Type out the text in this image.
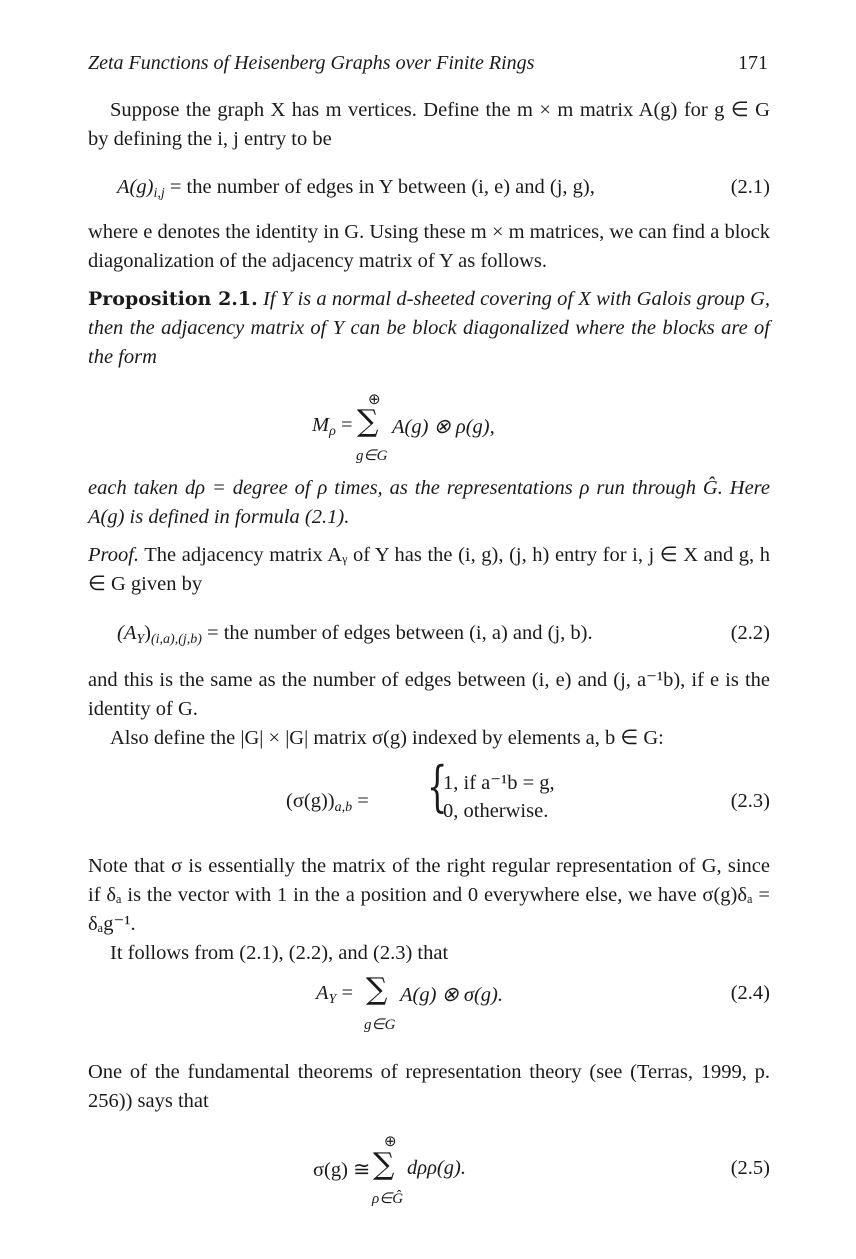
Zeta Functions of Heisenberg Graphs over Finite Rings	171
Suppose the graph X has m vertices. Define the m × m matrix A(g) for g ∈ G by defining the i, j entry to be
$A(g)_{i,j}$ = the number of edges in Y between (i, e) and (j, g),	(2.1)
where e denotes the identity in G. Using these m × m matrices, we can find a block diagonalization of the adjacency matrix of Y as follows.
Proposition 2.1. If Y is a normal d-sheeted covering of X with Galois group G, then the adjacency matrix of Y can be block diagonalized where the blocks are of the form
⊕
$M_\rho$ = ∑ A(g) ⊗ ρ(g),
g∈G
each taken dρ = degree of ρ times, as the representations ρ run through Ĝ. Here A(g) is defined in formula (2.1).
Proof. The adjacency matrix Aᵧ of Y has the (i, g), (j, h) entry for i, j ∈ X and g, h ∈ G given by
$(A_Y)_{(i,a),(j,b)}$ = the number of edges between (i, a) and (j, b).	(2.2)
and this is the same as the number of edges between (i, e) and (j, a⁻¹b), if e is the identity of G.
Also define the |G| × |G| matrix σ(g) indexed by elements a, b ∈ G:
$(\sigma(g))_{a,b}$ = {
1, if a⁻¹b = g,
0, otherwise.	(2.3)
Note that σ is essentially the matrix of the right regular representation of G, since if δₐ is the vector with 1 in the a position and 0 everywhere else, we have σ(g)δₐ = δₐg⁻¹.
It follows from (2.1), (2.2), and (2.3) that
$A_Y$ = ∑ A(g) ⊗ σ(g).
g∈G
(2.4)
One of the fundamental theorems of representation theory (see (Terras, 1999, p. 256)) says that
⊕
σ(g) ≅ ∑ dρρ(g).
ρ∈Ĝ
(2.5)
